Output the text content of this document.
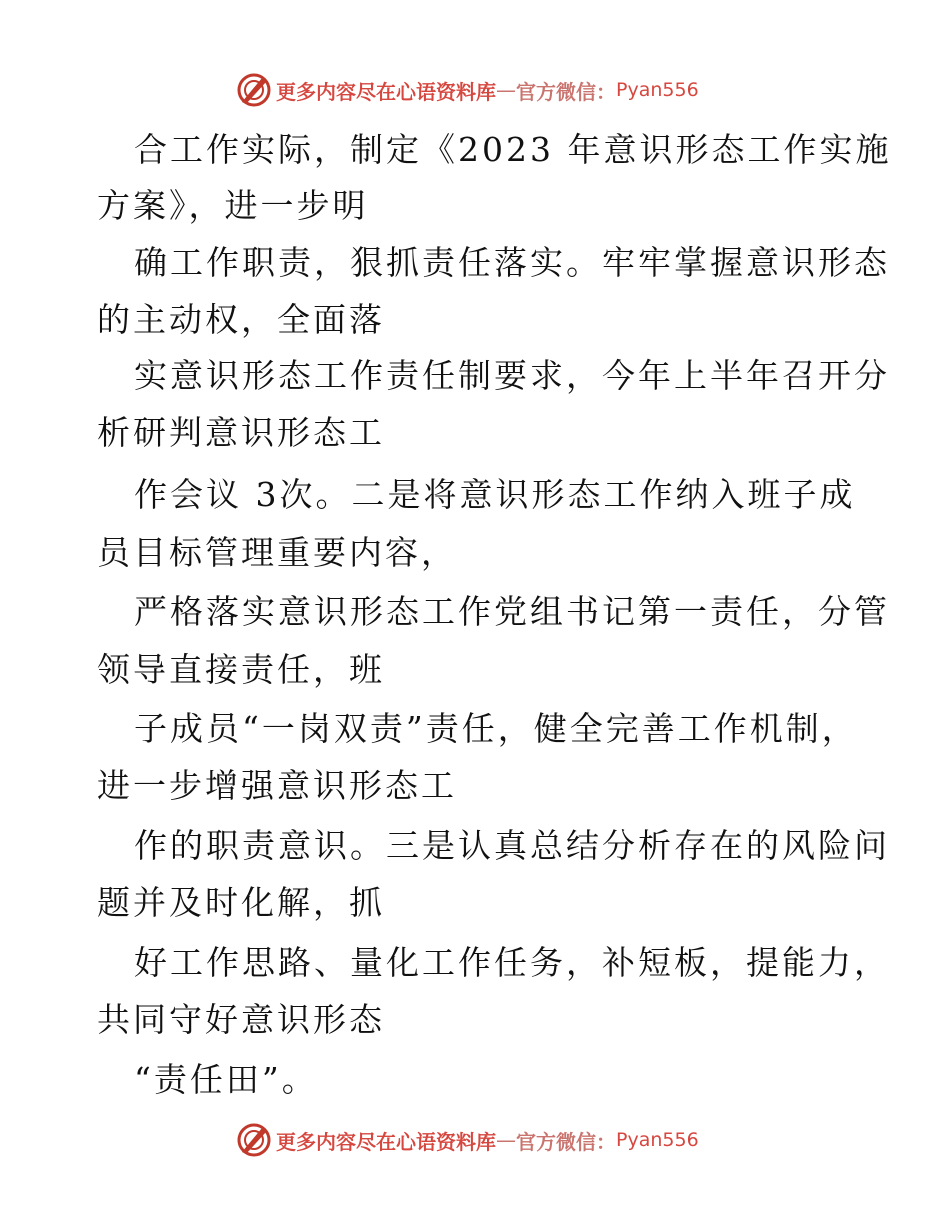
更多内容尽在心语资料库 — 官方微信： Pyan556
合工作实际，制定《2023 年意识形态工作实施
方案》，进一步明
确工作职责，狠抓责任落实。牢牢掌握意识形态
的主动权，全面落
实意识形态工作责任制要求，今年上半年召开分
析研判意识形态工
作会议 3次。二是将意识形态工作纳入班子成
员目标管理重要内容，
严格落实意识形态工作党组书记第一责任，分管
领导直接责任，班
子成员“一岗双责”责任，健全完善工作机制，
进一步增强意识形态工
作的职责意识。三是认真总结分析存在的风险问
题并及时化解，抓
好工作思路、量化工作任务，补短板，提能力，
共同守好意识形态
“责任田”。
更多内容尽在心语资料库 — 官方微信： Pyan556
